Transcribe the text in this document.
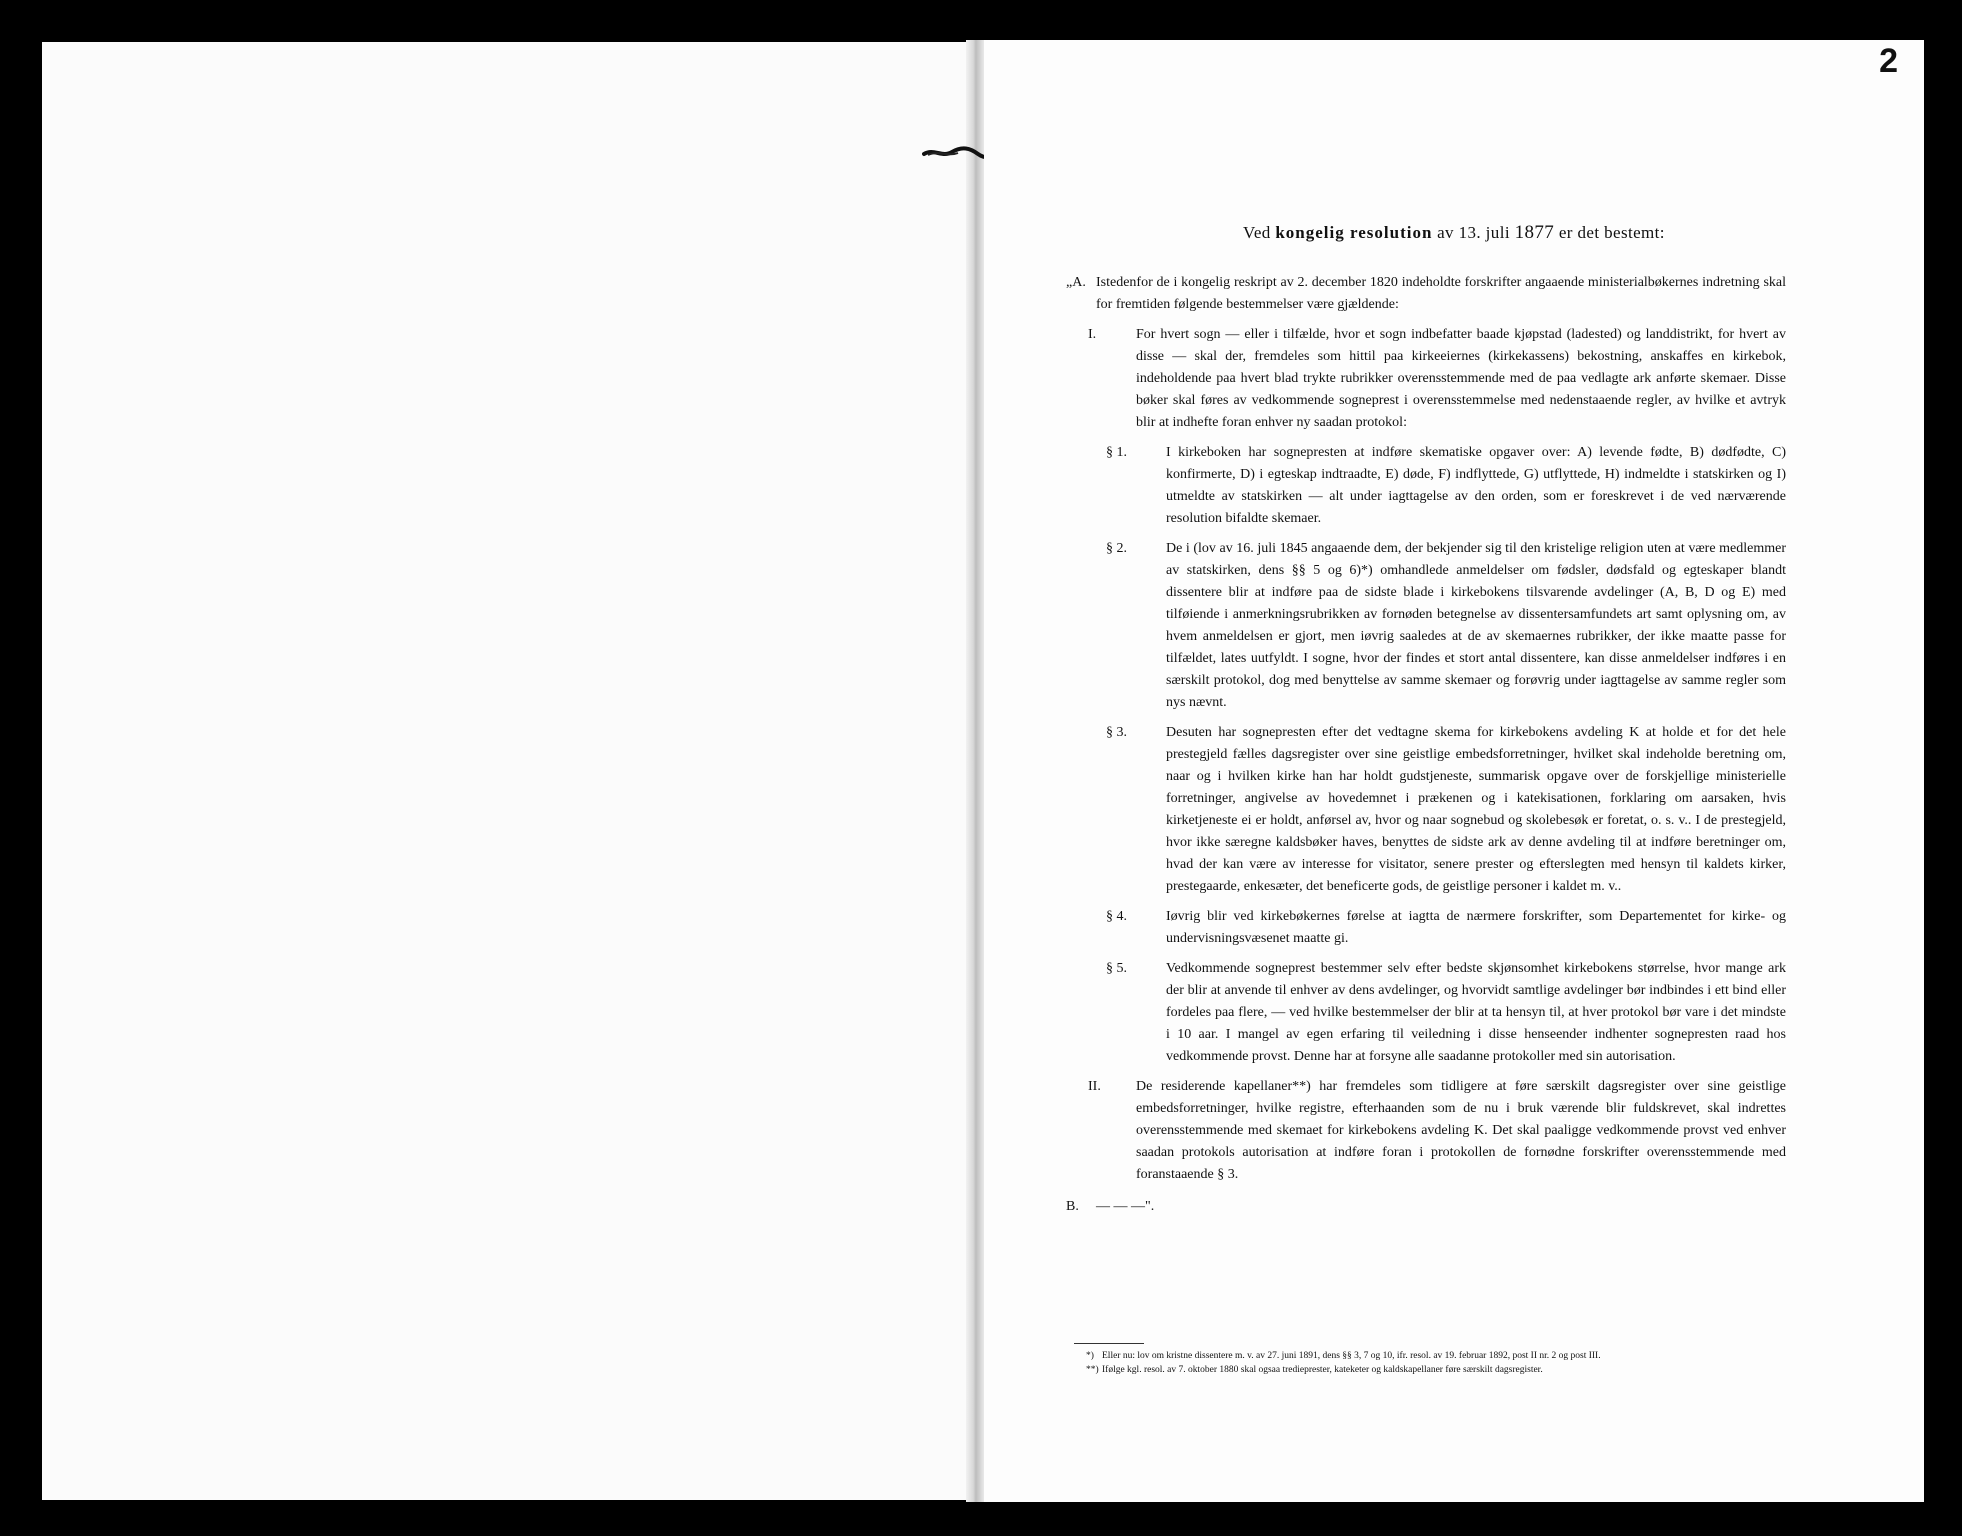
2
Ved kongelig resolution av 13. juli 1877 er det bestemt:
„A. Istedenfor de i kongelig reskript av 2. december 1820 indeholdte forskrifter angaaende ministerialbøkernes indretning skal for fremtiden følgende bestemmelser være gjældende:
I.	For hvert sogn — eller i tilfælde, hvor et sogn indbefatter baade kjøpstad (ladested) og landdistrikt, for hvert av disse — skal der, fremdeles som hittil paa kirkeeiernes (kirkekassens) bekostning, anskaffes en kirkebok, indeholdende paa hvert blad trykte rubrikker overensstemmende med de paa vedlagte ark anførte skemaer. Disse bøker skal føres av vedkommende sogneprest i overensstemmelse med nedenstaaende regler, av hvilke et avtryk blir at indhefte foran enhver ny saadan protokol:
§ 1.	I kirkeboken har sognepresten at indføre skematiske opgaver over: A) levende fødte, B) dødfødte, C) konfirmerte, D) i egteskap indtraadte, E) døde, F) indflyttede, G) utflyttede, H) indmeldte i statskirken og I) utmeldte av statskirken — alt under iagttagelse av den orden, som er foreskrevet i de ved nærværende resolution bifaldte skemaer.
§ 2.	De i (lov av 16. juli 1845 angaaende dem, der bekjender sig til den kristelige religion uten at være medlemmer av statskirken, dens §§ 5 og 6)*) omhandlede anmeldelser om fødsler, dødsfald og egteskaper blandt dissentere blir at indføre paa de sidste blade i kirkebokens tilsvarende avdelinger (A, B, D og E) med tilføiende i anmerkningsrubrikken av fornøden betegnelse av dissentersamfundets art samt oplysning om, av hvem anmeldelsen er gjort, men iøvrig saaledes at de av skemaernes rubrikker, der ikke maatte passe for tilfældet, lates uutfyldt. I sogne, hvor der findes et stort antal dissentere, kan disse anmeldelser indføres i en særskilt protokol, dog med benyttelse av samme skemaer og forøvrig under iagttagelse av samme regler som nys nævnt.
§ 3.	Desuten har sognepresten efter det vedtagne skema for kirkebokens avdeling K at holde et for det hele prestegjeld fælles dagsregister over sine geistlige embedsforretninger, hvilket skal indeholde beretning om, naar og i hvilken kirke han har holdt gudstjeneste, summarisk opgave over de forskjellige ministerielle forretninger, angivelse av hovedemnet i prækenen og i katekisationen, forklaring om aarsaken, hvis kirketjeneste ei er holdt, anførsel av, hvor og naar sognebud og skolebesøk er foretat, o. s. v.. I de prestegjeld, hvor ikke særegne kaldsbøker haves, benyttes de sidste ark av denne avdeling til at indføre beretninger om, hvad der kan være av interesse for visitator, senere prester og efterslegten med hensyn til kaldets kirker, prestegaarde, enkesæter, det beneficerte gods, de geistlige personer i kaldet m. v..
§ 4.	Iøvrig blir ved kirkebøkernes førelse at iagtta de nærmere forskrifter, som Departementet for kirke- og undervisningsvæsenet maatte gi.
§ 5.	Vedkommende sogneprest bestemmer selv efter bedste skjønsomhet kirkebokens størrelse, hvor mange ark der blir at anvende til enhver av dens avdelinger, og hvorvidt samtlige avdelinger bør indbindes i ett bind eller fordeles paa flere, — ved hvilke bestemmelser der blir at ta hensyn til, at hver protokol bør vare i det mindste i 10 aar. I mangel av egen erfaring til veiledning i disse henseender indhenter sognepresten raad hos vedkommende provst. Denne har at forsyne alle saadanne protokoller med sin autorisation.
II.	De residerende kapellaner**) har fremdeles som tidligere at føre særskilt dagsregister over sine geistlige embedsforretninger, hvilke registre, efterhaanden som de nu i bruk værende blir fuldskrevet, skal indrettes overensstemmende med skemaet for kirkebokens avdeling K. Det skal paaligge vedkommende provst ved enhver saadan protokols autorisation at indføre foran i protokollen de fornødne forskrifter overensstemmende med foranstaaende § 3.
B. — — —".
*) Eller nu: lov om kristne dissentere m. v. av 27. juni 1891, dens §§ 3, 7 og 10, ifr. resol. av 19. februar 1892, post II nr. 2 og post III.
**) Ifølge kgl. resol. av 7. oktober 1880 skal ogsaa tredieprester, kateketer og kaldskapellaner føre særskilt dagsregister.
